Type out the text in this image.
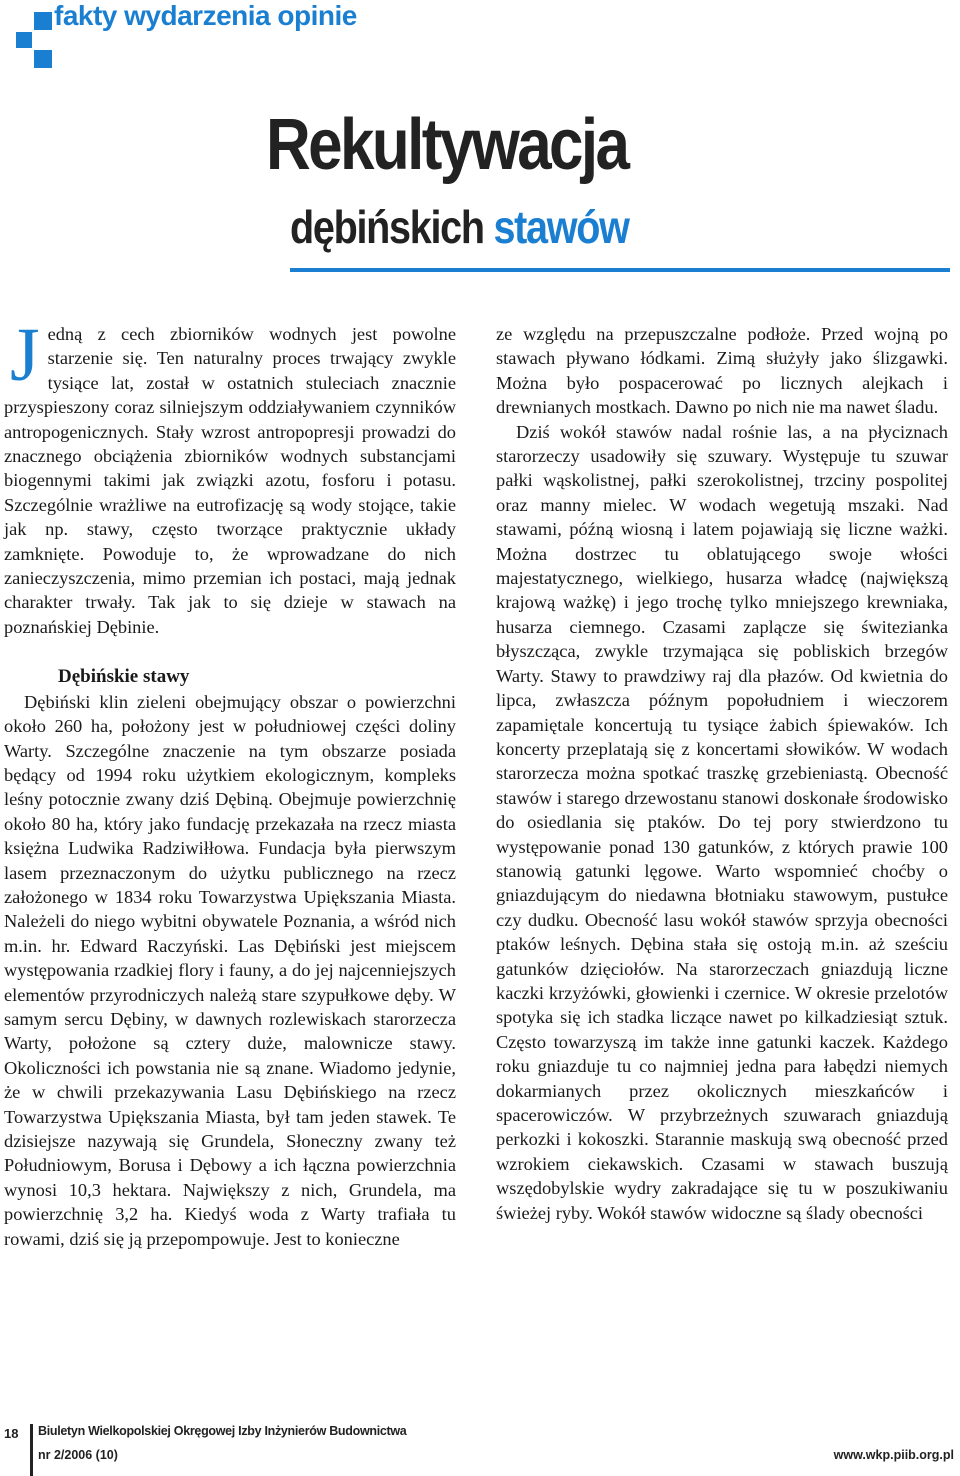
fakty wydarzenia opinie
Rekultywacja
dębińskich stawów

Jedną z cech zbiorników wodnych jest powolne starzenie się. Ten naturalny proces trwający zwykle tysiące lat, został w ostatnich stuleciach znacznie przyspieszony coraz silniejszym oddziaływaniem czynników antropogenicznych. Stały wzrost antropopresji prowadzi do znacznego obciążenia zbiorników wodnych substancjami biogennymi takimi jak związki azotu, fosforu i potasu. Szczególnie wrażliwe na eutrofizację są wody stojące, takie jak np. stawy, często tworzące praktycznie układy zamknięte. Powoduje to, że wprowadzane do nich zanieczyszczenia, mimo przemian ich postaci, mają jednak charakter trwały. Tak jak to się dzieje w stawach na poznańskiej Dębinie.

Dębińskie stawy

Dębiński klin zieleni obejmujący obszar o powierzchni około 260 ha, położony jest w południowej części doliny Warty. Szczególne znaczenie na tym obszarze posiada będący od 1994 roku użytkiem ekologicznym, kompleks leśny potocznie zwany dziś Dębiną. Obejmuje powierzchnię około 80 ha, który jako fundację przekazała na rzecz miasta księżna Ludwika Radziwiłłowa. Fundacja była pierwszym lasem przeznaczonym do użytku publicznego na rzecz założonego w 1834 roku Towarzystwa Upiększania Miasta. Należeli do niego wybitni obywatele Poznania, a wśród nich m.in. hr. Edward Raczyński. Las Dębiński jest miejscem występowania rzadkiej flory i fauny, a do jej najcenniejszych elementów przyrodniczych należą stare szypułkowe dęby. W samym sercu Dębiny, w dawnych rozlewiskach starorzecza Warty, położone są cztery duże, malownicze stawy. Okoliczności ich powstania nie są znane. Wiadomo jedynie, że w chwili przekazywania Lasu Dębińskiego na rzecz Towarzystwa Upiększania Miasta, był tam jeden stawek. Te dzisiejsze nazywają się Grundela, Słoneczny zwany też Południowym, Borusa i Dębowy a ich łączna powierzchnia wynosi 10,3 hektara. Największy z nich, Grundela, ma powierzchnię 3,2 ha. Kiedyś woda z Warty trafiała tu rowami, dziś się ją przepompowuje. Jest to konieczne

ze względu na przepuszczalne podłoże. Przed wojną po stawach pływano łódkami. Zimą służyły jako ślizgawki. Można było pospacerować po licznych alejkach i drewnianych mostkach. Dawno po nich nie ma nawet śladu.

Dziś wokół stawów nadal rośnie las, a na płyciznach starorzeczy usadowiły się szuwary. Występuje tu szuwar pałki wąskolistnej, pałki szerokolistnej, trzciny pospolitej oraz manny mielec. W wodach wegetują mszaki. Nad stawami, późną wiosną i latem pojawiają się liczne ważki. Można dostrzec tu oblatującego swoje włości majestatycznego, wielkiego, husarza władcę (największą krajową ważkę) i jego trochę tylko mniejszego krewniaka, husarza ciemnego. Czasami zaplącze się świtezianka błyszcząca, zwykle trzymająca się pobliskich brzegów Warty. Stawy to prawdziwy raj dla płazów. Od kwietnia do lipca, zwłaszcza późnym popołudniem i wieczorem zapamiętale koncertują tu tysiące żabich śpiewaków. Ich koncerty przeplatają się z koncertami słowików. W wodach starorzecza można spotkać traszkę grzebieniastą. Obecność stawów i starego drzewostanu stanowi doskonałe środowisko do osiedlania się ptaków. Do tej pory stwierdzono tu występowanie ponad 130 gatunków, z których prawie 100 stanowią gatunki lęgowe. Warto wspomnieć choćby o gniazdującym do niedawna błotniaku stawowym, pustułce czy dudku. Obecność lasu wokół stawów sprzyja obecności ptaków leśnych. Dębina stała się ostoją m.in. aż sześciu gatunków dzięciołów. Na starorzeczach gniazdują liczne kaczki krzyżówki, głowienki i czernice. W okresie przelotów spotyka się ich stadka liczące nawet po kilkadziesiąt sztuk. Często towarzyszą im także inne gatunki kaczek. Każdego roku gniazduje tu co najmniej jedna para łabędzi niemych dokarmianych przez okolicznych mieszkańców i spacerowiczów. W przybrzeżnych szuwarach gniazdują perkozki i kokoszki. Starannie maskują swą obecność przed wzrokiem ciekawskich. Czasami w stawach buszują wszędobylskie wydry zakradające się tu w poszukiwaniu świeżej ryby. Wokół stawów widoczne są ślady obecności

18 Biuletyn Wielkopolskiej Okręgowej Izby Inżynierów Budownictwa
nr 2/2006 (10)	www.wkp.piib.org.pl
